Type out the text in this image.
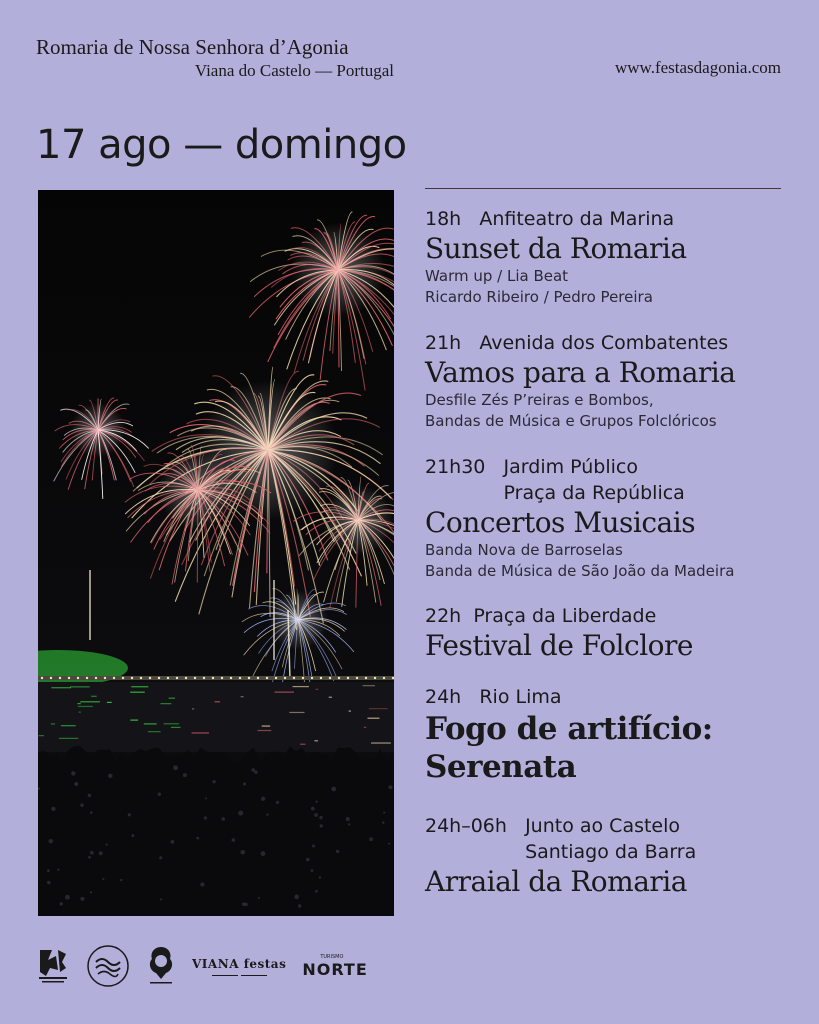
Romaria de Nossa Senhora d’Agonia
Viana do Castelo — Portugal	www.festasdagonia.com
17 ago — domingo
18h Anfiteatro da Marina
Sunset da Romaria
Warm up / Lia Beat
Ricardo Ribeiro / Pedro Pereira
21h Avenida dos Combatentes
Vamos para a Romaria
Desfile Zés P’reiras e Bombos,
Bandas de Música e Grupos Folclóricos
21h30
Jardim Público
Praça da República
Concertos Musicais
Banda Nova de Barroselas
Banda de Música de São João da Madeira
22h Praça da Liberdade
Festival de Folclore
24h Rio Lima
Fogo de artifício: Serenata
24h–06h
Junto ao Castelo
Santiago da Barra
Arraial da Romaria
VIANA festas	TURISMO
NORTE
